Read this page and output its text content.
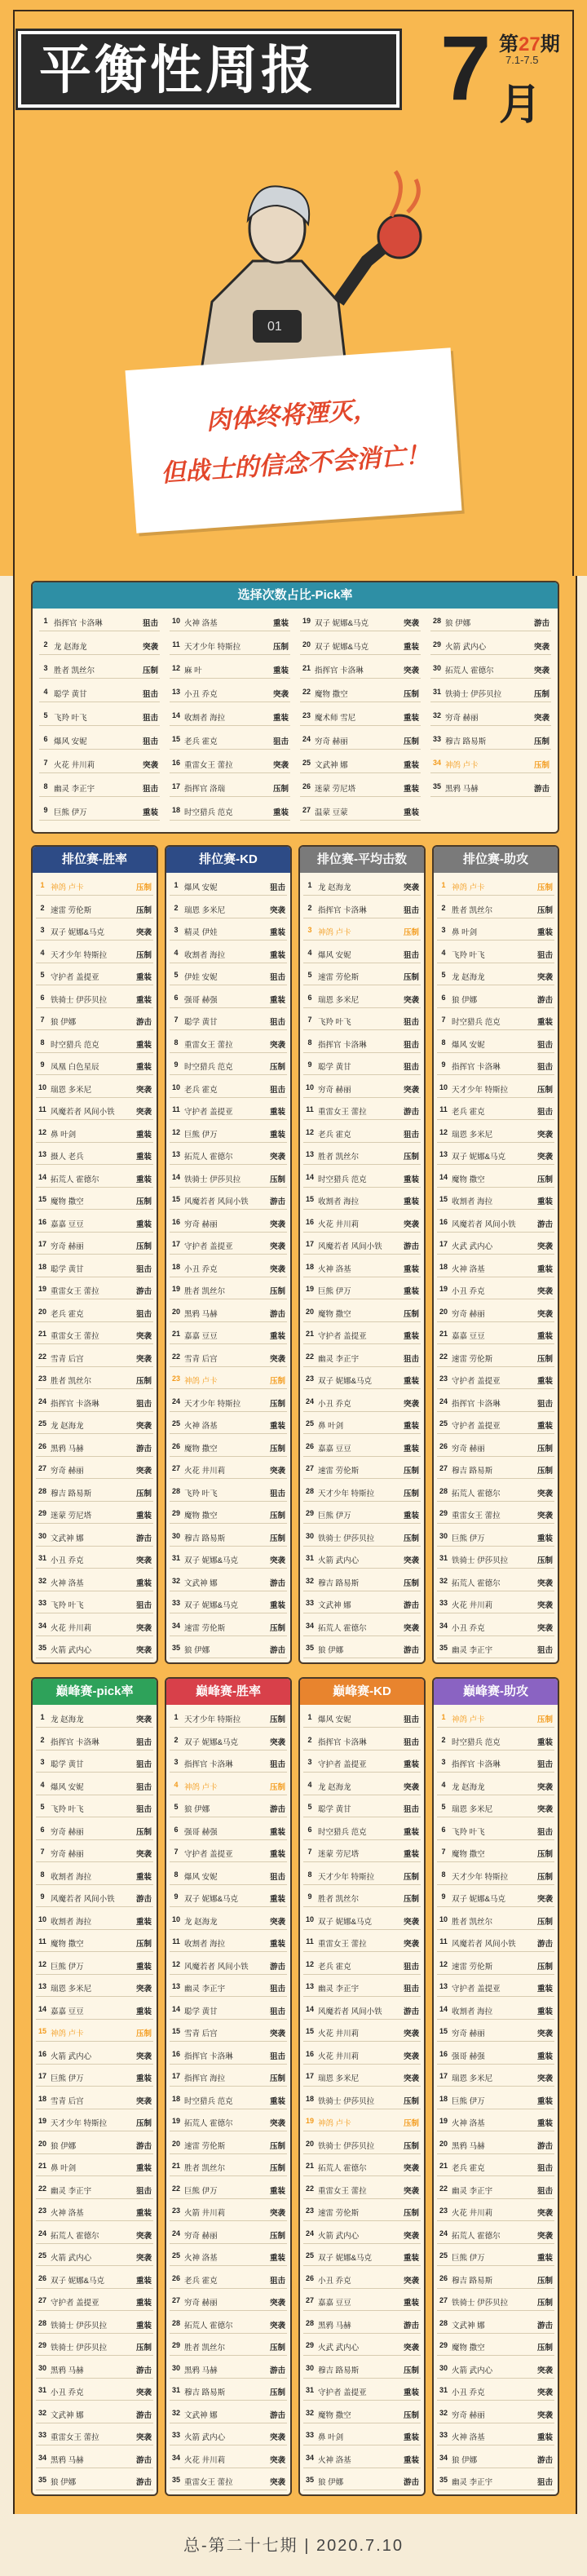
平衡性周报 7 第27期
7.1-7.5
月
01
肉体终将湮灭，
但战士的信念不会消亡！
选择次数占比-Pick率
1 指挥官 卡洛琳	狙击
2 龙 赵海龙	突袭
3 胜者 凯丝尔	压制
4 聪学 黄甘	狙击
5 飞羚 叶飞	狙击
6 爆风 安妮	狙击
7 火花 井川莉	突袭
8 幽灵 李正宇	狙击
9 巨熊 伊万	重装
10 火神 洛基	重装
11 天才少年 特斯拉	压制
12 麻 叶	重装
13 小丑 乔克	突袭
14 收割者 海拉	重装
15 老兵 霍克	狙击
16 重雷女王 蕾拉	突袭
17 指挥官 洛瑞	压制
18 时空猎兵 范克	重装
19 双子 妮娜&马克	突袭
20 双子 妮娜&马克	重装
21 指挥官 卡洛琳	突袭
22 魔物 撒空	压制
23 魔术师 雪尼	重装
24 穷奇 赫丽	压制
25 文武神 娜	重装
26 迷蒙 劳尼塔	重装
27 温蒙 豆蒙	重装
28 狼 伊娜	游击
29 火箭 武内心	突袭
30 拓荒人 霍德尔	突袭
31 铁骑士 伊莎贝拉	压制
32 穷奇 赫丽	突袭
33 穆吉 路易斯	压制
34 神鸽 卢卡	压制
35 黑鸦 马赫	游击
排位赛-胜率
1 神鸽 卢卡	压制
2 速雷 劳伦斯	压制
3 双子 妮娜&马克	突袭
4 天才少年 特斯拉	压制
5 守护者 盖提亚	重装
6 铁骑士 伊莎贝拉	重装
7 狼 伊娜	游击
8 时空猎兵 范克	重装
9 凤凰 白色星辰	重装
10 瑞恩 多米尼	突袭
11 风魔若者 风间小铁	突袭
12 鼻 叶剑	重装
13 摄人 老兵	重装
14 拓荒人 霍德尔	重装
15 魔物 撒空	压制
16 嘉嘉 豆豆	重装
17 穷奇 赫丽	压制
18 聪学 黄甘	狙击
19 重雷女王 蕾拉	游击
20 老兵 霍克	狙击
21 重雷女王 蕾拉	突袭
22 雪青 后宫	突袭
23 胜者 凯丝尔	压制
24 指挥官 卡洛琳	狙击
25 龙 赵海龙	突袭
26 黑鸦 马赫	游击
27 穷奇 赫丽	突袭
28 穆吉 路易斯	压制
29 迷蒙 劳尼塔	重装
30 文武神 娜	游击
31 小丑 乔克	突袭
32 火神 洛基	重装
33 飞羚 叶飞	狙击
34 火花 井川莉	突袭
35 火箭 武内心	突袭
排位赛-KD
1 爆风 安妮	狙击
2 瑞恩 多米尼	突袭
3 精灵 伊娃	重装
4 收割者 海拉	重装
5 伊娃 安妮	狙击
6 强哥 赫强	重装
7 聪学 黄甘	狙击
8 重雷女王 蕾拉	突袭
9 时空猎兵 范克	压制
10 老兵 霍克	狙击
11 守护者 盖提亚	重装
12 巨熊 伊万	重装
13 拓荒人 霍德尔	突袭
14 铁骑士 伊莎贝拉	压制
15 风魔若者 风间小铁	游击
16 穷奇 赫丽	突袭
17 守护者 盖提亚	突袭
18 小丑 乔克	突袭
19 胜者 凯丝尔	压制
20 黑鸦 马赫	游击
21 嘉嘉 豆豆	重装
22 雪青 后宫	突袭
23 神鸽 卢卡	压制
24 天才少年 特斯拉	压制
25 火神 洛基	重装
26 魔物 撒空	压制
27 火花 井川莉	突袭
28 飞羚 叶飞	狙击
29 魔物 撒空	压制
30 穆吉 路易斯	压制
31 双子 妮娜&马克	突袭
32 文武神 娜	游击
33 双子 妮娜&马克	重装
34 速雷 劳伦斯	压制
35 狼 伊娜	游击
排位赛-平均击数
1 龙 赵海龙	突袭
2 指挥官 卡洛琳	狙击
3 神鸽 卢卡	压制
4 爆风 安妮	狙击
5 速雷 劳伦斯	压制
6 瑞恩 多米尼	突袭
7 飞羚 叶飞	狙击
8 指挥官 卡洛琳	狙击
9 聪学 黄甘	狙击
10 穷奇 赫丽	突袭
11 重雷女王 蕾拉	游击
12 老兵 霍克	狙击
13 胜者 凯丝尔	压制
14 时空猎兵 范克	重装
15 收割者 海拉	重装
16 火花 井川莉	突袭
17 风魔若者 风间小铁	游击
18 火神 洛基	重装
19 巨熊 伊万	重装
20 魔物 撒空	压制
21 守护者 盖提亚	重装
22 幽灵 李正宇	狙击
23 双子 妮娜&马克	重装
24 小丑 乔克	突袭
25 鼻 叶剑	重装
26 嘉嘉 豆豆	重装
27 速雷 劳伦斯	压制
28 天才少年 特斯拉	压制
29 巨熊 伊万	重装
30 铁骑士 伊莎贝拉	压制
31 火箭 武内心	突袭
32 穆吉 路易斯	压制
33 文武神 娜	游击
34 拓荒人 霍德尔	突袭
35 狼 伊娜	游击
排位赛-助攻
1 神鸽 卢卡	压制
2 胜者 凯丝尔	压制
3 鼻 叶剑	重装
4 飞羚 叶飞	狙击
5 龙 赵海龙	突袭
6 狼 伊娜	游击
7 时空猎兵 范克	重装
8 爆风 安妮	狙击
9 指挥官 卡洛琳	狙击
10 天才少年 特斯拉	压制
11 老兵 霍克	狙击
12 瑞恩 多米尼	突袭
13 双子 妮娜&马克	突袭
14 魔物 撒空	压制
15 收割者 海拉	重装
16 风魔若者 风间小铁	游击
17 火武 武内心	突袭
18 火神 洛基	重装
19 小丑 乔克	突袭
20 穷奇 赫丽	突袭
21 嘉嘉 豆豆	重装
22 速雷 劳伦斯	压制
23 守护者 盖提亚	重装
24 指挥官 卡洛琳	狙击
25 守护者 盖提亚	重装
26 穷奇 赫丽	压制
27 穆吉 路易斯	压制
28 拓荒人 霍德尔	突袭
29 重雷女王 蕾拉	突袭
30 巨熊 伊万	重装
31 铁骑士 伊莎贝拉	压制
32 拓荒人 霍德尔	突袭
33 火花 井川莉	突袭
34 小丑 乔克	突袭
35 幽灵 李正宇	狙击
巅峰赛-pick率
1 龙 赵海龙	突袭
2 指挥官 卡洛琳	狙击
3 聪学 黄甘	狙击
4 爆风 安妮	狙击
5 飞羚 叶飞	狙击
6 穷奇 赫丽	压制
7 穷奇 赫丽	突袭
8 收割者 海拉	重装
9 风魔若者 风间小铁	游击
10 收割者 海拉	重装
11 魔物 撒空	压制
12 巨熊 伊万	重装
13 瑞恩 多米尼	突袭
14 嘉嘉 豆豆	重装
15 神鸽 卢卡	压制
16 火箭 武内心	突袭
17 巨熊 伊万	重装
18 雪青 后宫	突袭
19 天才少年 特斯拉	压制
20 狼 伊娜	游击
21 鼻 叶剑	重装
22 幽灵 李正宇	狙击
23 火神 洛基	重装
24 拓荒人 霍德尔	突袭
25 火箭 武内心	突袭
26 双子 妮娜&马克	重装
27 守护者 盖提亚	重装
28 铁骑士 伊莎贝拉	重装
29 铁骑士 伊莎贝拉	压制
30 黑鸦 马赫	游击
31 小丑 乔克	突袭
32 文武神 娜	游击
33 重雷女王 蕾拉	突袭
34 黑鸦 马赫	游击
35 狼 伊娜	游击
巅峰赛-胜率
1 天才少年 特斯拉	压制
2 双子 妮娜&马克	突袭
3 指挥官 卡洛琳	狙击
4 神鸽 卢卡	压制
5 狼 伊娜	游击
6 强哥 赫强	重装
7 守护者 盖提亚	重装
8 爆风 安妮	狙击
9 双子 妮娜&马克	重装
10 龙 赵海龙	突袭
11 收割者 海拉	重装
12 风魔若者 风间小铁	游击
13 幽灵 李正宇	狙击
14 聪学 黄甘	狙击
15 雪青 后宫	突袭
16 指挥官 卡洛琳	狙击
17 指挥官 海拉	压制
18 时空猎兵 范克	重装
19 拓荒人 霍德尔	突袭
20 速雷 劳伦斯	压制
21 胜者 凯丝尔	压制
22 巨熊 伊万	重装
23 火箭 井川莉	突袭
24 穷奇 赫丽	压制
25 火神 洛基	重装
26 老兵 霍克	狙击
27 穷奇 赫丽	突袭
28 拓荒人 霍德尔	突袭
29 胜者 凯丝尔	压制
30 黑鸦 马赫	游击
31 穆吉 路易斯	压制
32 文武神 娜	游击
33 火箭 武内心	突袭
34 火花 井川莉	突袭
35 重雷女王 蕾拉	突袭
巅峰赛-KD
1 爆风 安妮	狙击
2 指挥官 卡洛琳	狙击
3 守护者 盖提亚	重装
4 龙 赵海龙	突袭
5 聪学 黄甘	狙击
6 时空猎兵 范克	重装
7 迷蒙 劳尼塔	重装
8 天才少年 特斯拉	压制
9 胜者 凯丝尔	压制
10 双子 妮娜&马克	突袭
11 重雷女王 蕾拉	突袭
12 老兵 霍克	狙击
13 幽灵 李正宇	狙击
14 风魔若者 风间小铁	游击
15 火花 井川莉	突袭
16 火花 井川莉	突袭
17 瑞恩 多米尼	突袭
18 铁骑士 伊莎贝拉	压制
19 神鸽 卢卡	压制
20 铁骑士 伊莎贝拉	压制
21 拓荒人 霍德尔	突袭
22 重雷女王 蕾拉	突袭
23 速雷 劳伦斯	压制
24 火箭 武内心	突袭
25 双子 妮娜&马克	重装
26 小丑 乔克	突袭
27 嘉嘉 豆豆	重装
28 黑鸦 马赫	游击
29 火武 武内心	突袭
30 穆吉 路易斯	压制
31 守护者 盖提亚	重装
32 魔物 撒空	压制
33 鼻 叶剑	重装
34 火神 洛基	重装
35 狼 伊娜	游击
巅峰赛-助攻
1 神鸽 卢卡	压制
2 时空猎兵 范克	重装
3 指挥官 卡洛琳	狙击
4 龙 赵海龙	突袭
5 瑞恩 多米尼	突袭
6 飞羚 叶飞	狙击
7 魔物 撒空	压制
8 天才少年 特斯拉	压制
9 双子 妮娜&马克	突袭
10 胜者 凯丝尔	压制
11 风魔若者 风间小铁	游击
12 速雷 劳伦斯	压制
13 守护者 盖提亚	重装
14 收割者 海拉	重装
15 穷奇 赫丽	突袭
16 强哥 赫强	重装
17 瑞恩 多米尼	突袭
18 巨熊 伊万	重装
19 火神 洛基	重装
20 黑鸦 马赫	游击
21 老兵 霍克	狙击
22 幽灵 李正宇	狙击
23 火花 井川莉	突袭
24 拓荒人 霍德尔	突袭
25 巨熊 伊万	重装
26 穆吉 路易斯	压制
27 铁骑士 伊莎贝拉	压制
28 文武神 娜	游击
29 魔物 撒空	压制
30 火箭 武内心	突袭
31 小丑 乔克	突袭
32 穷奇 赫丽	突袭
33 火神 洛基	重装
34 狼 伊娜	游击
35 幽灵 李正宇	狙击
总-第二十七期 | 2020.7.10
